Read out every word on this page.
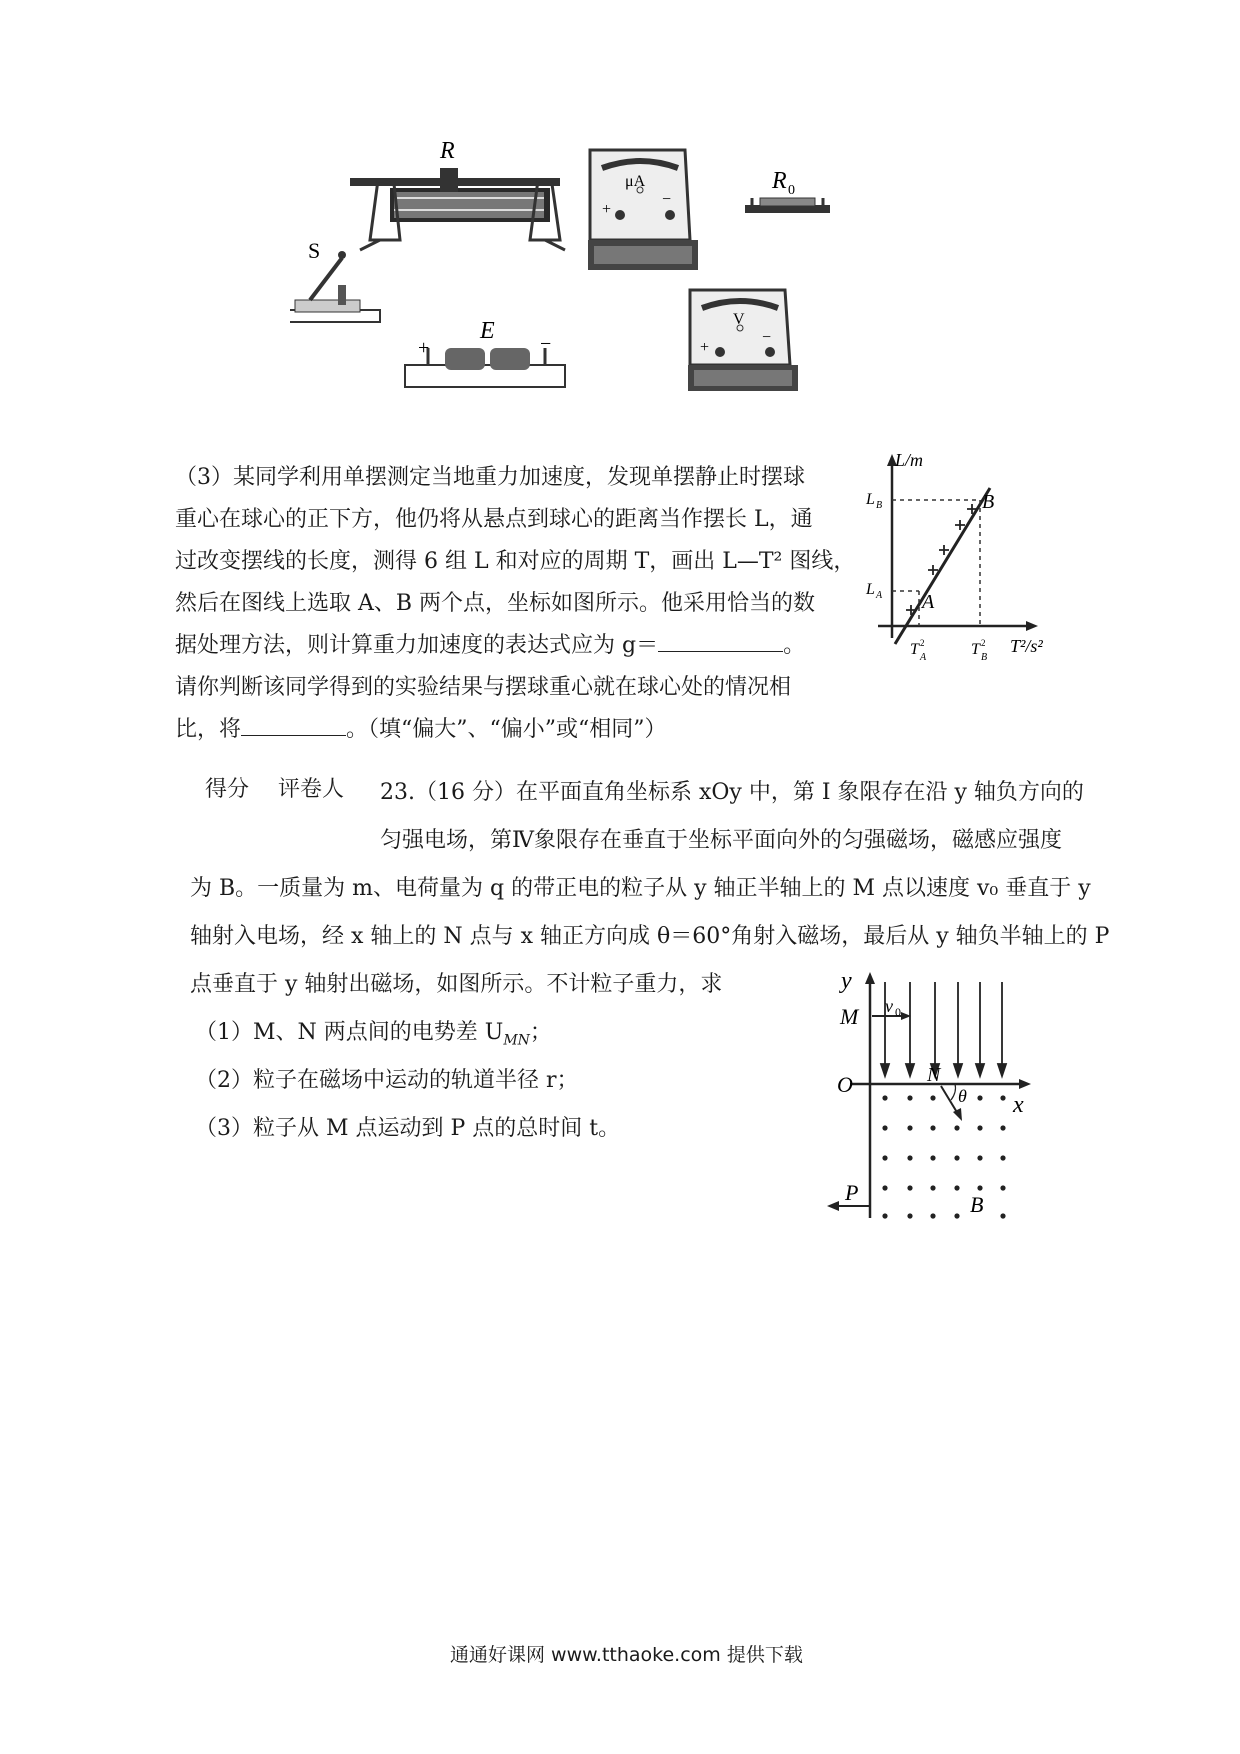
R
μA
+
−
R 0
S
E
+	−
V
+
−
（3）某同学利用单摆测定当地重力加速度，发现单摆静止时摆球
重心在球心的正下方，他仍将从悬点到球心的距离当作摆长 L，通
过改变摆线的长度，测得 6 组 L 和对应的周期 T，画出 L—T² 图线，
然后在图线上选取 A、B 两个点，坐标如图所示。他采用恰当的数
据处理方法，则计算重力加速度的表达式应为 g＝	。
请你判断该同学得到的实验结果与摆球重心就在球心处的情况相
比，将	。（填“偏大”、“偏小”或“相同”）
L/m
T²/s²
B
A
L B
L A
T 2
A	T 2
B
得分 评卷人 23.（16 分）在平面直角坐标系 xOy 中，第 Ⅰ 象限存在沿 y 轴负方向的
匀强电场，第Ⅳ象限存在垂直于坐标平面向外的匀强磁场，磁感应强度
为 B。一质量为 m、电荷量为 q 的带正电的粒子从 y 轴正半轴上的 M 点以速度 v₀ 垂直于 y
轴射入电场，经 x 轴上的 N 点与 x 轴正方向成 θ＝60°角射入磁场，最后从 y 轴负半轴上的 P
点垂直于 y 轴射出磁场，如图所示。不计粒子重力，求
（1）M、N 两点间的电势差 $U_{MN}$；
（2）粒子在磁场中运动的轨道半径 r；
（3）粒子从 M 点运动到 P 点的总时间 t。
y
x
O
M v 0
N
θ
P	B
通通好课网 www.tthaoke.com 提供下载
